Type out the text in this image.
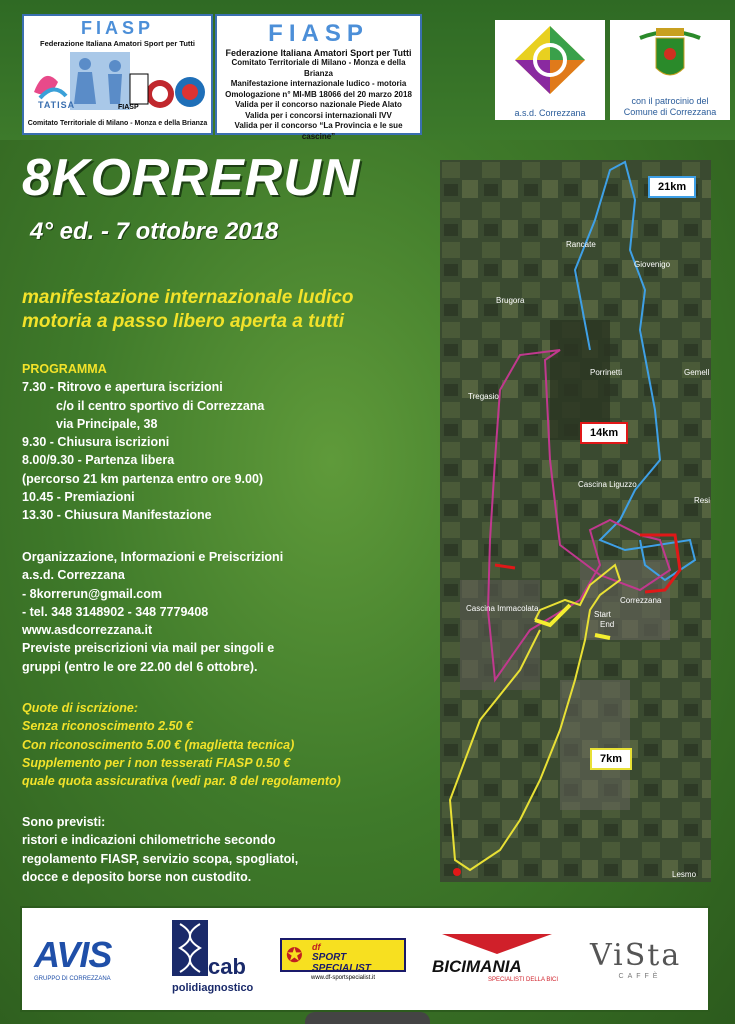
FIASP
Federazione Italiana Amatori Sport per Tutti
TATISA	FIASP
Comitato Territoriale di Milano - Monza e della Brianza
FIASP
Federazione Italiana Amatori Sport per Tutti
Comitato Territoriale di Milano - Monza e della Brianza
Manifestazione internazionale ludico - motoria
Omologazione n° MI-MB 18066 del 20 marzo 2018
Valida per il concorso nazionale Piede Alato
Valida per i concorsi internazionali IVV
Valida per il concorso “La Provincia e le sue cascine”
a.s.d. Correzzana
con il patrocinio del
Comune di Correzzana
8KORRERUN
4° ed. - 7 ottobre 2018
manifestazione internazionale ludico
motoria a passo libero aperta a tutti
PROGRAMMA
7.30 - Ritrovo e apertura iscrizioni
c/o il centro sportivo di Correzzana
via Principale, 38
9.30 - Chiusura iscrizioni
8.00/9.30 - Partenza libera
(percorso 21 km partenza entro ore 9.00)
10.45 - Premiazioni
13.30 - Chiusura Manifestazione
Organizzazione, Informazioni e Preiscrizioni
a.s.d. Correzzana
- 8korrerun@gmail.com
- tel. 348 3148902 - 348 7779408
www.asdcorrezzana.it
Previste preiscrizioni via mail per singoli e
gruppi (entro le ore 22.00 del 6 ottobre).
Quote di iscrizione:
Senza riconoscimento 2.50 €
Con riconoscimento 5.00 € (maglietta tecnica)
Supplemento per i non tesserati FIASP 0.50 €
quale quota assicurativa (vedi par. 8 del regolamento)
Sono previsti:
ristori e indicazioni chilometriche secondo
regolamento FIASP, servizio scopa, spogliatoi,
docce e deposito borse non custodito.
21km
14km
7km
Rancate
Giovenigo
Brugora
Gemell
Porrinetti
Tregasio
Cascina Liguzzo
Resi
Correzzana
Cascina Immacolata
Start
End
Lesmo
AVIS
GRUPPO DI CORREZZANA	cab
polidiagnostico
✪ df
SPORT SPECIALIST
www.df-sportspecialist.it
BICIMANIA
SPECIALISTI DELLA BICI
ViSta
CAFFÈ
